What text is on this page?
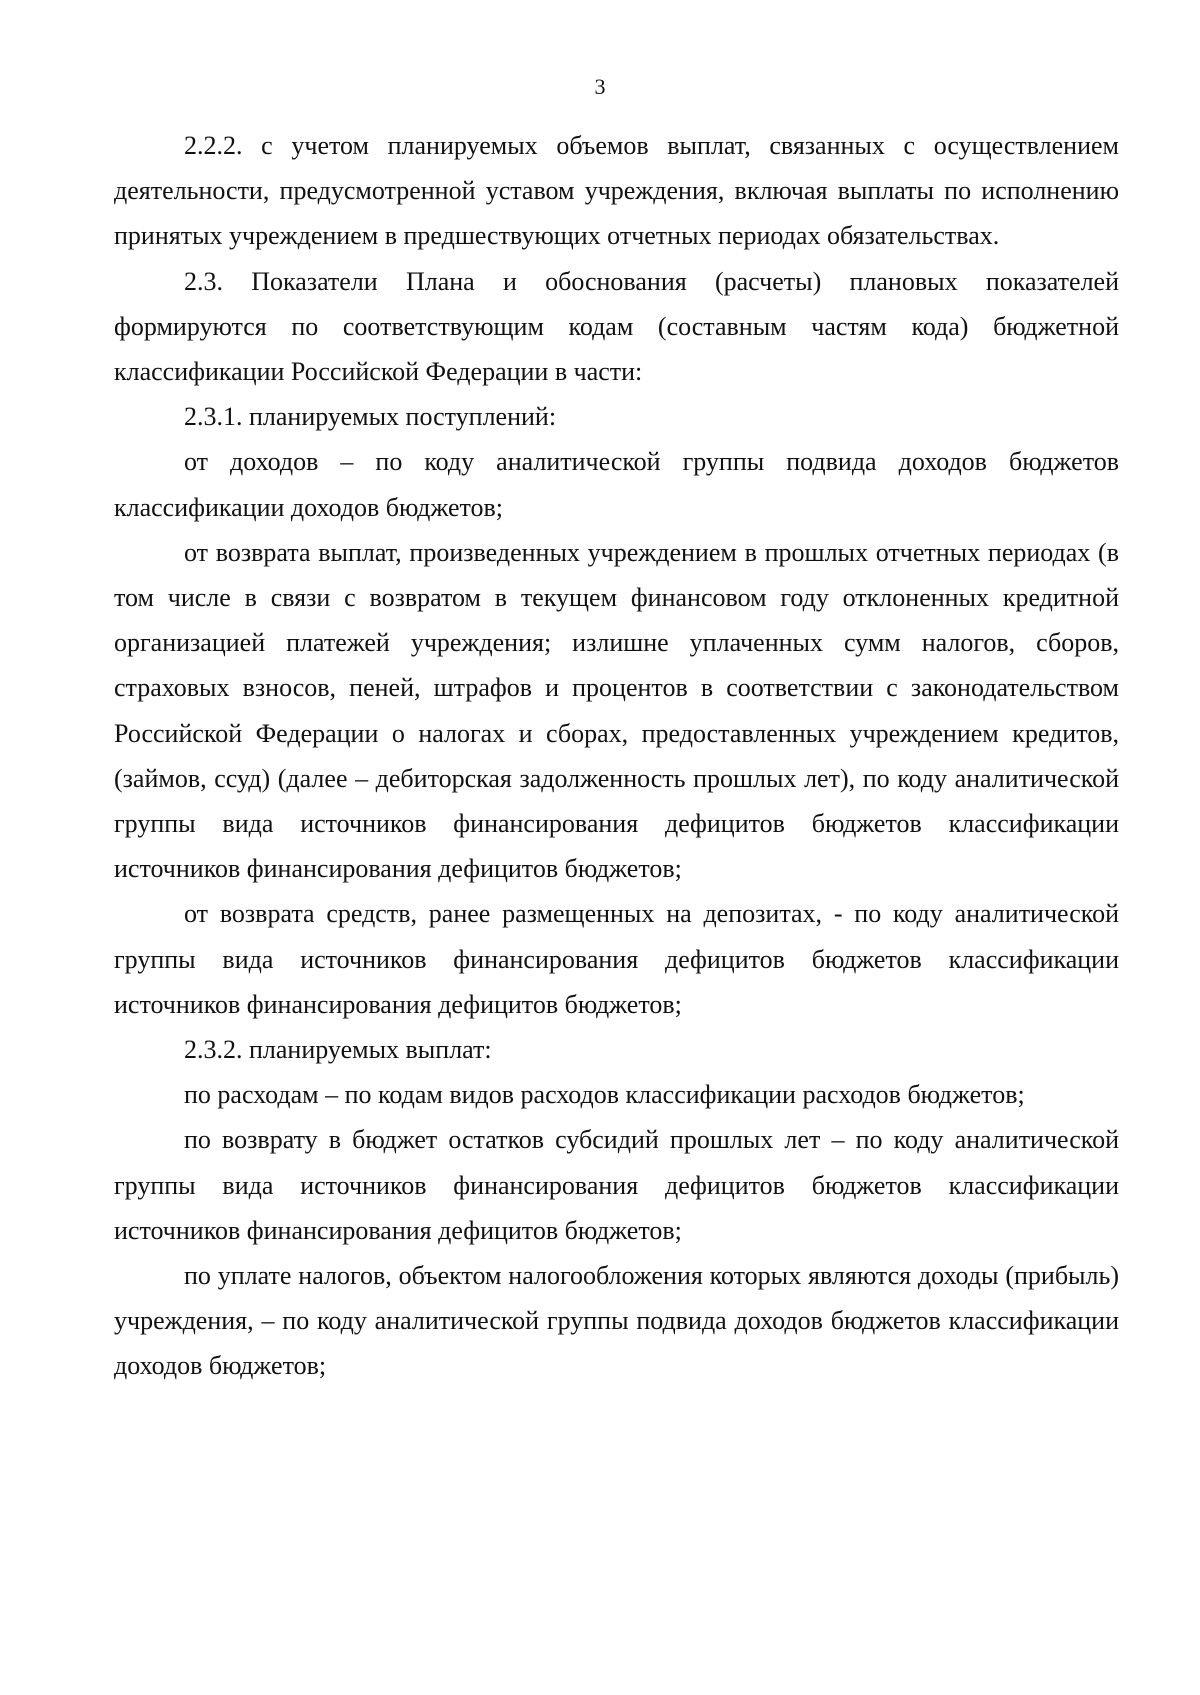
3

2.2.2. с учетом планируемых объемов выплат, связанных с осуществлением деятельности, предусмотренной уставом учреждения, включая выплаты по исполнению принятых учреждением в предшествующих отчетных периодах обязательствах.

2.3. Показатели Плана и обоснования (расчеты) плановых показателей формируются по соответствующим кодам (составным частям кода) бюджетной классификации Российской Федерации в части:

2.3.1. планируемых поступлений:

от доходов – по коду аналитической группы подвида доходов бюджетов классификации доходов бюджетов;

от возврата выплат, произведенных учреждением в прошлых отчетных периодах (в том числе в связи с возвратом в текущем финансовом году отклоненных кредитной организацией платежей учреждения; излишне уплаченных сумм налогов, сборов, страховых взносов, пеней, штрафов и процентов в соответствии с законодательством Российской Федерации о налогах и сборах, предоставленных учреждением кредитов, (займов, ссуд) (далее – дебиторская задолженность прошлых лет), по коду аналитической группы вида источников финансирования дефицитов бюджетов классификации источников финансирования дефицитов бюджетов;

от возврата средств, ранее размещенных на депозитах, - по коду аналитической группы вида источников финансирования дефицитов бюджетов классификации источников финансирования дефицитов бюджетов;

2.3.2. планируемых выплат:

по расходам – по кодам видов расходов классификации расходов бюджетов;

по возврату в бюджет остатков субсидий прошлых лет – по коду аналитической группы вида источников финансирования дефицитов бюджетов классификации источников финансирования дефицитов бюджетов;

по уплате налогов, объектом налогообложения которых являются доходы (прибыль) учреждения, – по коду аналитической группы подвида доходов бюджетов классификации доходов бюджетов;
